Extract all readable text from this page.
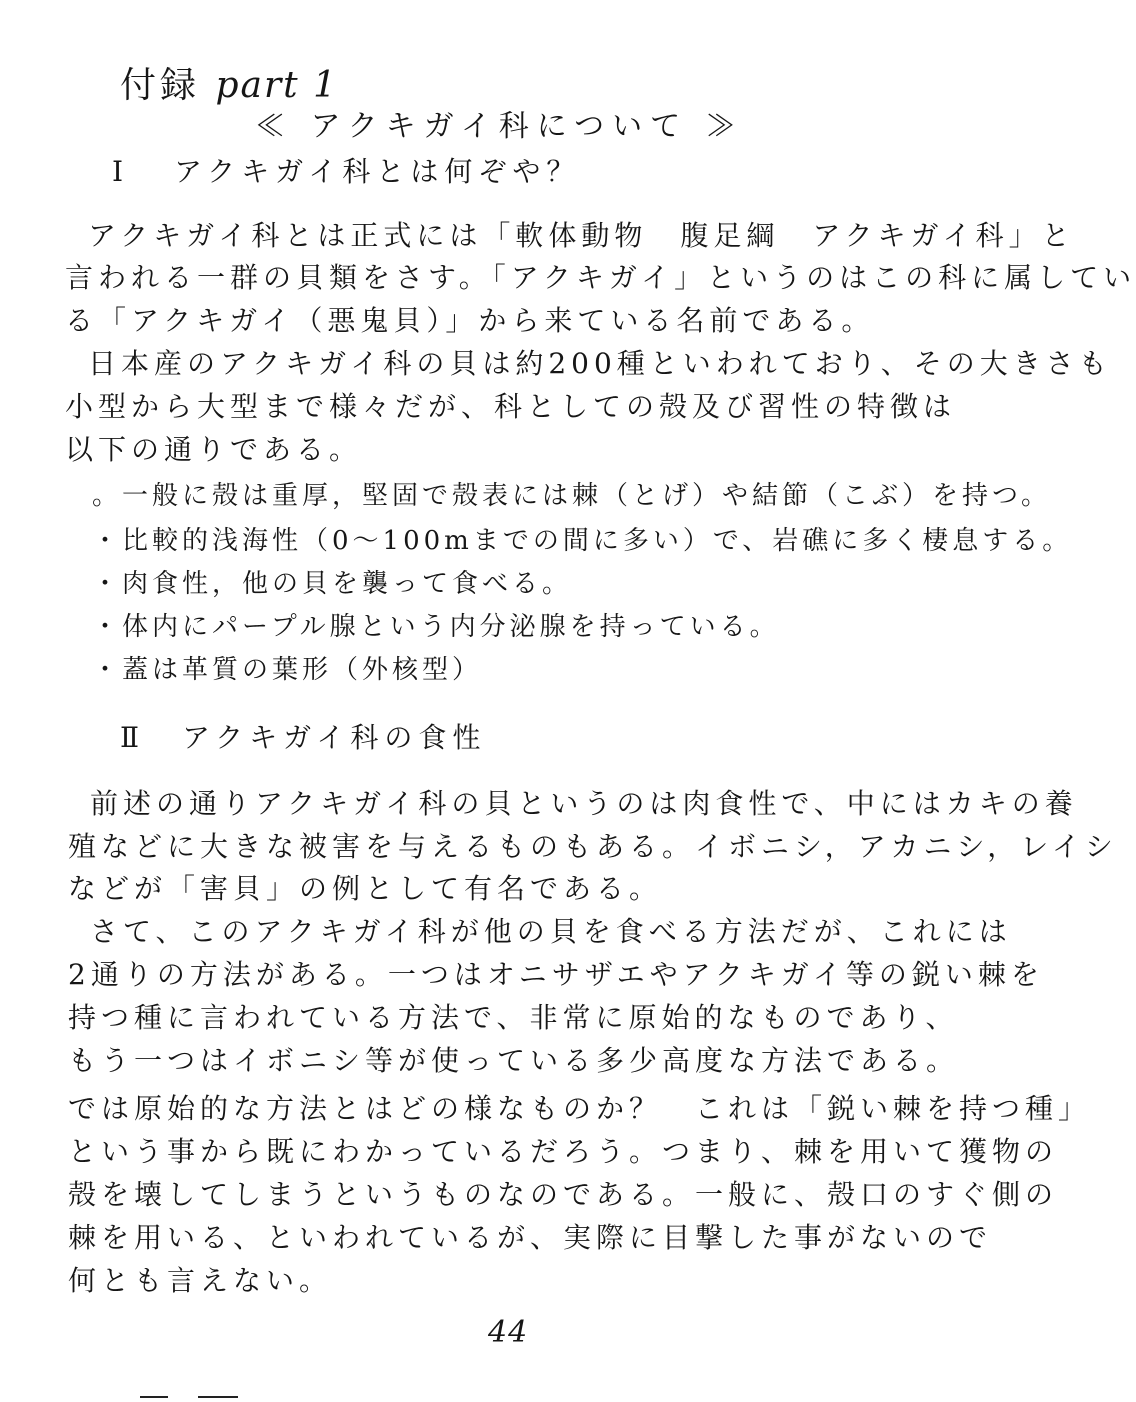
付録 part 1
≪ アクキガイ科について ≫
Ⅰ アクキガイ科とは何ぞや？
アクキガイ科とは正式には「軟体動物　腹足綱　アクキガイ科」と
言われる一群の貝類をさす。「アクキガイ」というのはこの科に属してい
る「アクキガイ（悪鬼貝）」から来ている名前である。
日本産のアクキガイ科の貝は約200種といわれており、その大きさも
小型から大型まで様々だが、科としての殻及び習性の特徴は
以下の通りである。
。一般に殻は重厚，堅固で殻表には棘（とげ）や結節（こぶ）を持つ。
・比較的浅海性（0〜100mまでの間に多い）で、岩礁に多く棲息する。
・肉食性，他の貝を襲って食べる。
・体内にパープル腺という内分泌腺を持っている。
・蓋は革質の葉形（外核型）
Ⅱ アクキガイ科の食性
前述の通りアクキガイ科の貝というのは肉食性で、中にはカキの養
殖などに大きな被害を与えるものもある。イボニシ，アカニシ，レイシ
などが「害貝」の例として有名である。
さて、このアクキガイ科が他の貝を食べる方法だが、これには
2通りの方法がある。一つはオニサザエやアクキガイ等の鋭い棘を
持つ種に言われている方法で、非常に原始的なものであり、
もう一つはイボニシ等が使っている多少高度な方法である。
では原始的な方法とはどの様なものか？　これは「鋭い棘を持つ種」
という事から既にわかっているだろう。つまり、棘を用いて獲物の
殻を壊してしまうというものなのである。一般に、殻口のすぐ側の
棘を用いる、といわれているが、実際に目撃した事がないので
何とも言えない。
44
